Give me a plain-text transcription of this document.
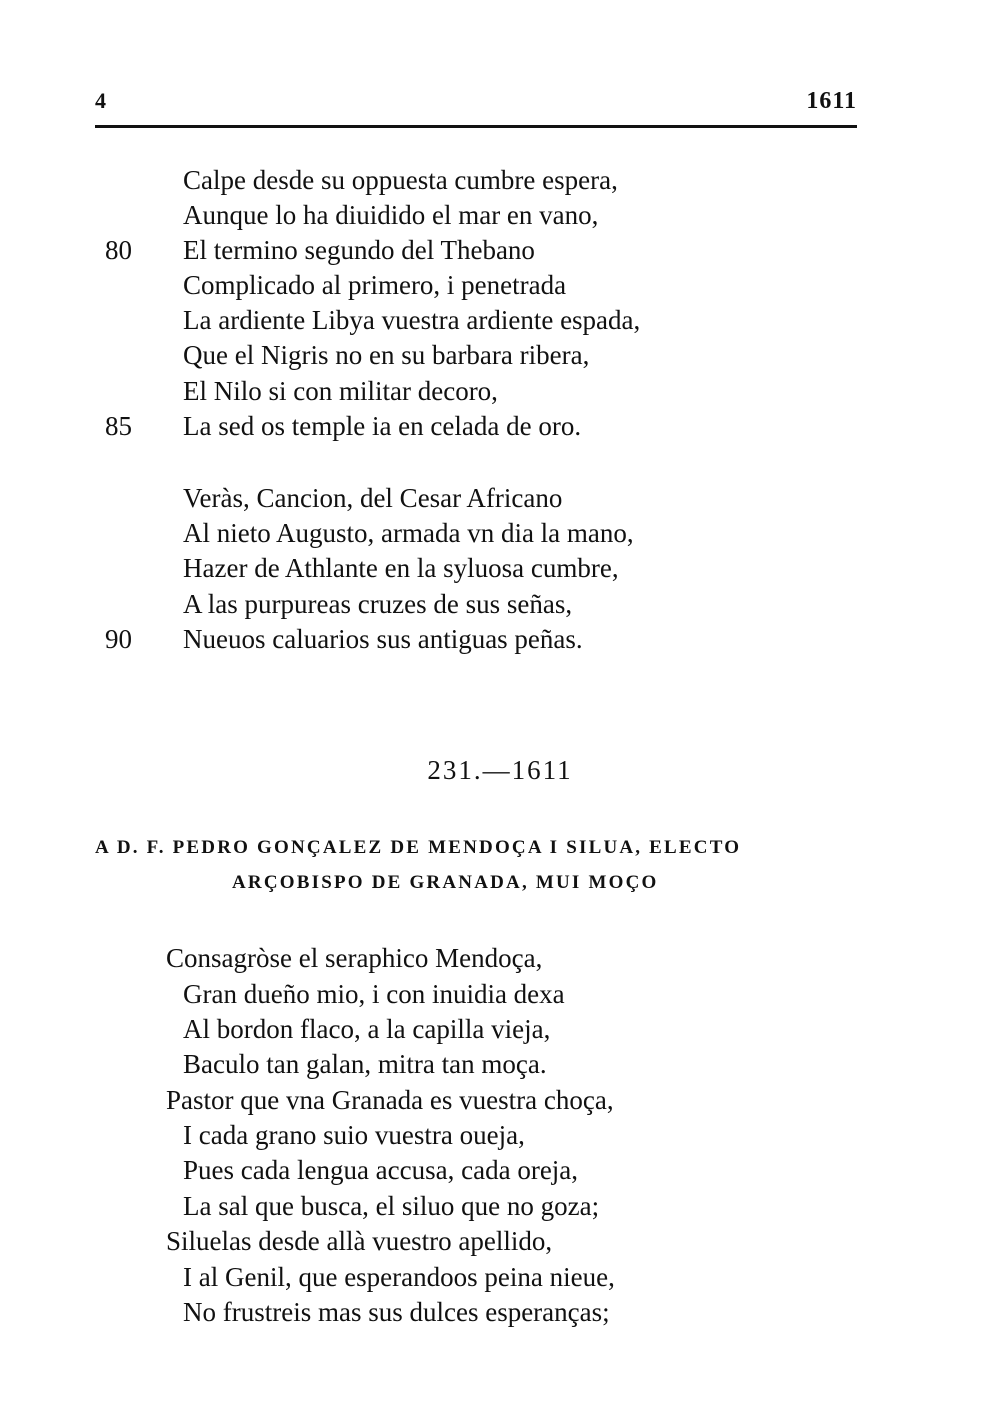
4	1611
Calpe desde su oppuesta cumbre espera,
Aunque lo ha diuidido el mar en vano,
80	El termino segundo del Thebano
Complicado al primero, i penetrada
La ardiente Libya vuestra ardiente espada,
Que el Nigris no en su barbara ribera,
El Nilo si con militar decoro,
85	La sed os temple ia en celada de oro.
Veràs, Cancion, del Cesar Africano
Al nieto Augusto, armada vn dia la mano,
Hazer de Athlante en la syluosa cumbre,
A las purpureas cruzes de sus señas,
90	Nueuos caluarios sus antiguas peñas.
231.—1611
A D. F. PEDRO GONÇALEZ DE MENDOÇA I SILUA, ELECTO
ARÇOBISPO DE GRANADA, MUI MOÇO
Consagròse el seraphico Mendoça,
Gran dueño mio, i con inuidia dexa
Al bordon flaco, a la capilla vieja,
Baculo tan galan, mitra tan moça.
Pastor que vna Granada es vuestra choça,
I cada grano suio vuestra oueja,
Pues cada lengua accusa, cada oreja,
La sal que busca, el siluo que no goza;
Siluelas desde allà vuestro apellido,
I al Genil, que esperandoos peina nieue,
No frustreis mas sus dulces esperanças;
